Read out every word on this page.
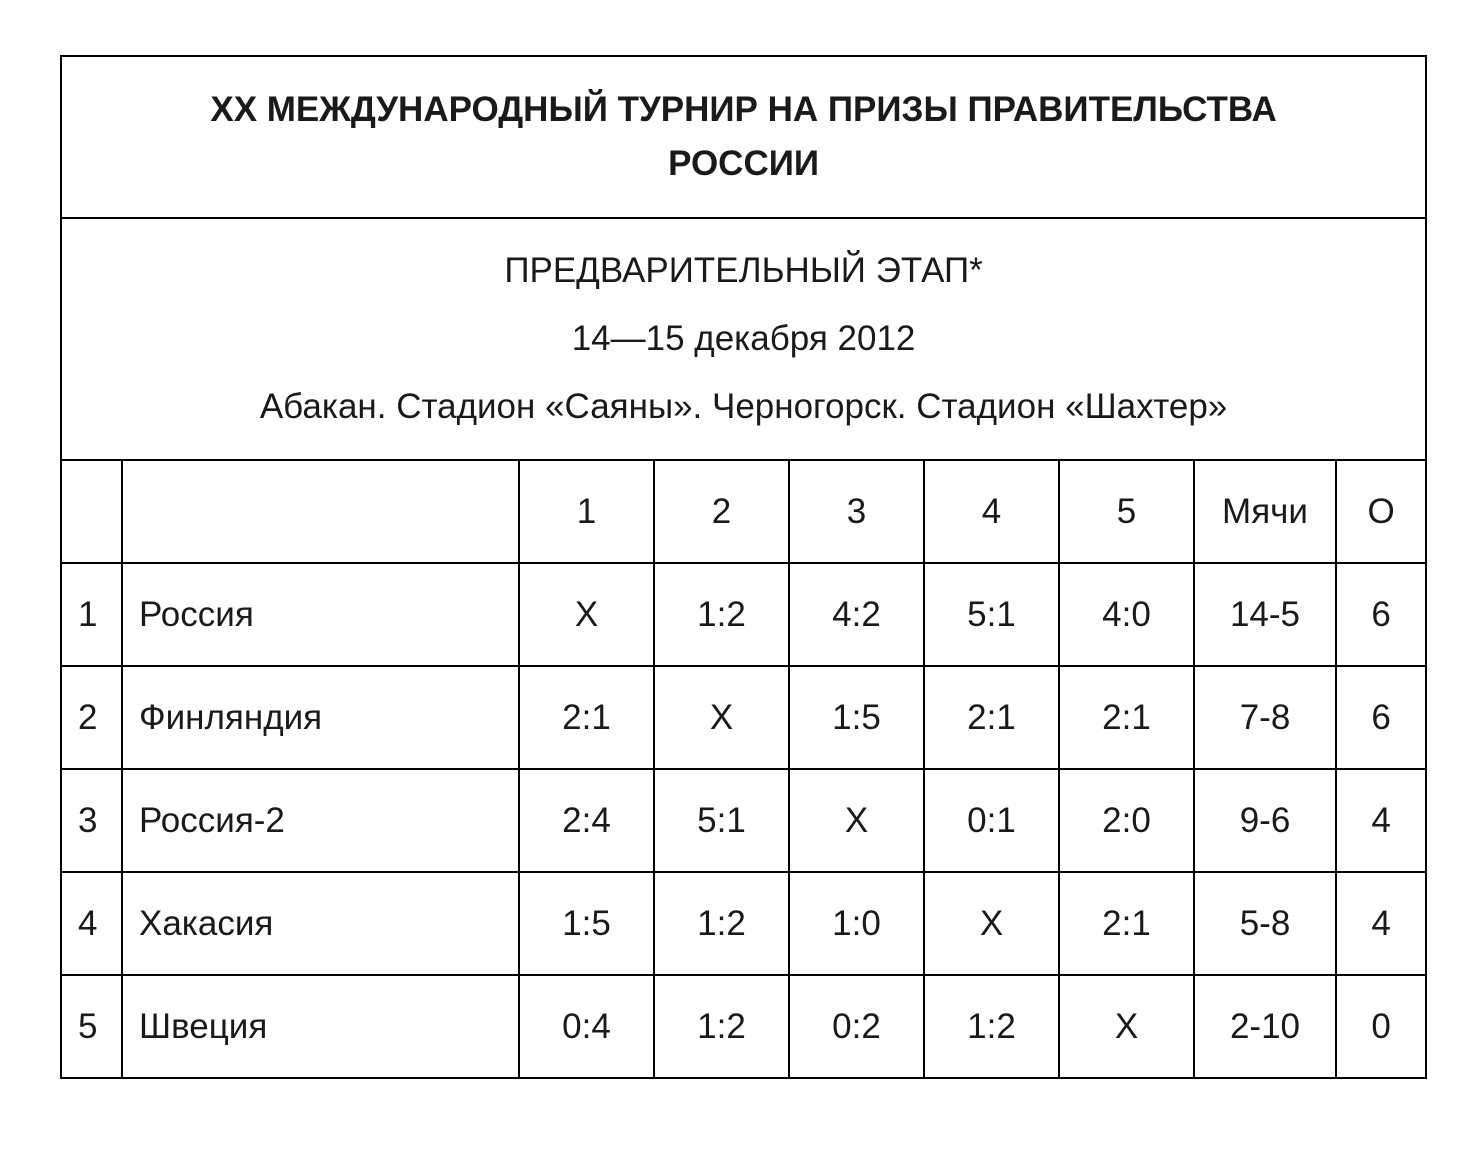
XX МЕЖДУНАРОДНЫЙ ТУРНИР НА ПРИЗЫ ПРАВИТЕЛЬСТВА РОССИИ								

ПРЕДВАРИТЕЛЬНЫЙ ЭТАП*
14—15 декабря 2012
Абакан. Стадион «Саяны». Черногорск. Стадион «Шахтер»								

		1	2	3	4	5	Мячи	О
1	Россия	X	1:2	4:2	5:1	4:0	14-5	6
2	Финляндия	2:1	X	1:5	2:1	2:1	7-8	6
3	Россия-2	2:4	5:1	X	0:1	2:0	9-6	4
4	Хакасия	1:5	1:2	1:0	X	2:1	5-8	4
5	Швеция	0:4	1:2	0:2	1:2	X	2-10	0
